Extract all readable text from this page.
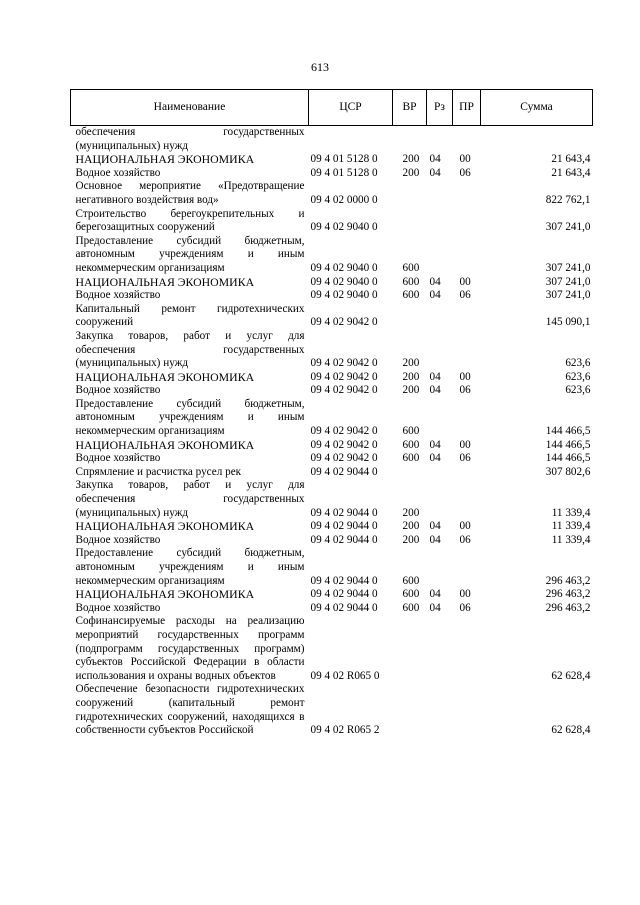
613
Наименование	ЦСР	ВР	Рз	ПР	Сумма
обеспечения государственных (муниципальных) нужд					
НАЦИОНАЛЬНАЯ ЭКОНОМИКА	09 4 01 5128 0	200	04	00	21 643,4
Водное хозяйство	09 4 01 5128 0	200	04	06	21 643,4
Основное мероприятие «Предотвращение негативного воздействия вод»	09 4 02 0000 0				822 762,1
Строительство берегоукрепительных и берегозащитных сооружений	09 4 02 9040 0				307 241,0
Предоставление субсидий бюджетным, автономным учреждениям и иным некоммерческим организациям	09 4 02 9040 0	600			307 241,0
НАЦИОНАЛЬНАЯ ЭКОНОМИКА	09 4 02 9040 0	600	04	00	307 241,0
Водное хозяйство	09 4 02 9040 0	600	04	06	307 241,0
Капитальный ремонт гидротехнических сооружений	09 4 02 9042 0				145 090,1
Закупка товаров, работ и услуг для обеспечения государственных (муниципальных) нужд	09 4 02 9042 0	200			623,6
НАЦИОНАЛЬНАЯ ЭКОНОМИКА	09 4 02 9042 0	200	04	00	623,6
Водное хозяйство	09 4 02 9042 0	200	04	06	623,6
Предоставление субсидий бюджетным, автономным учреждениям и иным некоммерческим организациям	09 4 02 9042 0	600			144 466,5
НАЦИОНАЛЬНАЯ ЭКОНОМИКА	09 4 02 9042 0	600	04	00	144 466,5
Водное хозяйство	09 4 02 9042 0	600	04	06	144 466,5
Спрямление и расчистка русел рек	09 4 02 9044 0				307 802,6
Закупка товаров, работ и услуг для обеспечения государственных (муниципальных) нужд	09 4 02 9044 0	200			11 339,4
НАЦИОНАЛЬНАЯ ЭКОНОМИКА	09 4 02 9044 0	200	04	00	11 339,4
Водное хозяйство	09 4 02 9044 0	200	04	06	11 339,4
Предоставление субсидий бюджетным, автономным учреждениям и иным некоммерческим организациям	09 4 02 9044 0	600			296 463,2
НАЦИОНАЛЬНАЯ ЭКОНОМИКА	09 4 02 9044 0	600	04	00	296 463,2
Водное хозяйство	09 4 02 9044 0	600	04	06	296 463,2
Софинансируемые расходы на реализацию мероприятий государственных программ (подпрограмм государственных программ) субъектов Российской Федерации в области использования и охраны водных объектов	09 4 02 R065 0				62 628,4
Обеспечение безопасности гидротехнических сооружений (капитальный ремонт гидротехнических сооружений, находящихся в собственности субъектов Российской	09 4 02 R065 2				62 628,4
